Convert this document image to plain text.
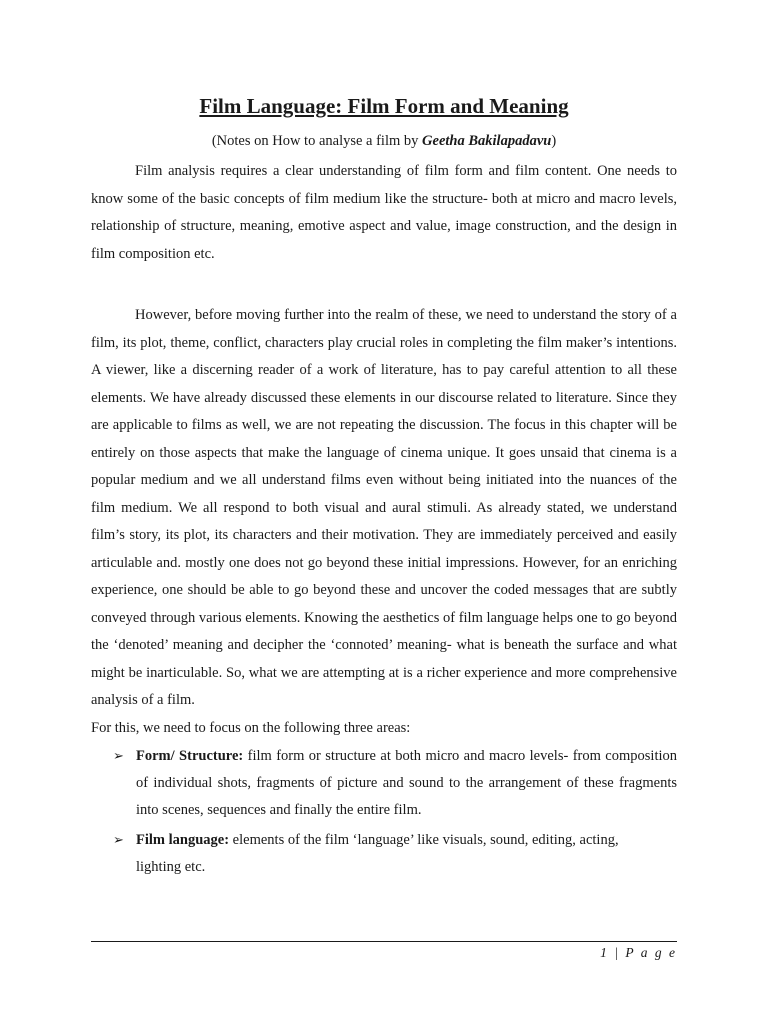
Film Language: Film Form and Meaning

(Notes on How to analyse a film by Geetha Bakilapadavu)

Film analysis requires a clear understanding of film form and film content. One needs to know some of the basic concepts of film medium like the structure- both at micro and macro levels, relationship of structure, meaning, emotive aspect and value, image construction, and the design in film composition etc.

However, before moving further into the realm of these, we need to understand the story of a film, its plot, theme, conflict, characters play crucial roles in completing the film maker’s intentions. A viewer, like a discerning reader of a work of literature, has to pay careful attention to all these elements. We have already discussed these elements in our discourse related to literature. Since they are applicable to films as well, we are not repeating the discussion. The focus in this chapter will be entirely on those aspects that make the language of cinema unique. It goes unsaid that cinema is a popular medium and we all understand films even without being initiated into the nuances of the film medium. We all respond to both visual and aural stimuli. As already stated, we understand film’s story, its plot, its characters and their motivation. They are immediately perceived and easily articulable and. mostly one does not go beyond these initial impressions. However, for an enriching experience, one should be able to go beyond these and uncover the coded messages that are subtly conveyed through various elements. Knowing the aesthetics of film language helps one to go beyond the ‘denoted’ meaning and decipher the ‘connoted’ meaning- what is beneath the surface and what might be inarticulable. So, what we are attempting at is a richer experience and more comprehensive analysis of a film.

For this, we need to focus on the following three areas:

➢ Form/ Structure: film form or structure at both micro and macro levels- from composition of individual shots, fragments of picture and sound to the arrangement of these fragments into scenes, sequences and finally the entire film.
➢ Film language: elements of the film ‘language’ like visuals, sound, editing, acting, lighting etc.
1 | P a g e
